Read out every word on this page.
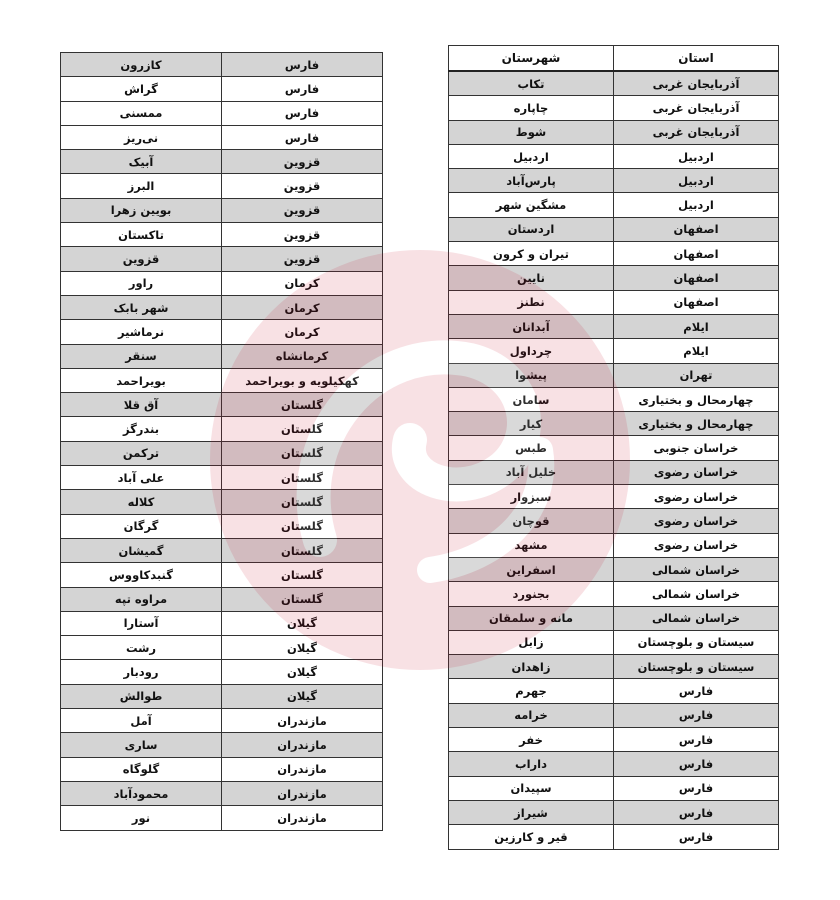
استان	شهرستان
آذربایجان غربی	تکاب
آذربایجان غربی	چاپاره
آذربایجان غربی	شوط
اردبیل	اردبیل
اردبیل	پارس‌آباد
اردبیل	مشگین شهر
اصفهان	اردستان
اصفهان	تیران و کرون
اصفهان	نایین
اصفهان	نطنز
ایلام	آبدانان
ایلام	چرداول
تهران	پیشوا
چهارمحال و بختیاری	سامان
چهارمحال و بختیاری	کیار
خراسان جنوبی	طبس
خراسان رضوی	خلیل آباد
خراسان رضوی	سبزوار
خراسان رضوی	قوچان
خراسان رضوی	مشهد
خراسان شمالی	اسفراین
خراسان شمالی	بجنورد
خراسان شمالی	مانه و سلمقان
سیستان و بلوچستان	زابل
سیستان و بلوچستان	زاهدان
فارس	جهرم
فارس	خرامه
فارس	خفر
فارس	داراب
فارس	سپیدان
فارس	شیراز
فارس	قیر و کارزین
فارس	کازرون
فارس	گراش
فارس	ممسنی
فارس	نی‌ریز
قزوین	آبیک
قزوین	البرز
قزوین	بویین زهرا
قزوین	تاکستان
قزوین	قزوین
کرمان	راور
کرمان	شهر بابک
کرمان	نرماشیر
کرمانشاه	سنقر
کهکیلویه و بویراحمد	بویراحمد
گلستان	آق قلا
گلستان	بندرگز
گلستان	ترکمن
گلستان	علی آباد
گلستان	کلاله
گلستان	گرگان
گلستان	گمیشان
گلستان	گنبدکاووس
گلستان	مراوه تپه
گیلان	آستارا
گیلان	رشت
گیلان	رودبار
گیلان	طوالش
مازندران	آمل
مازندران	ساری
مازندران	گلوگاه
مازندران	محمودآباد
مازندران	نور
